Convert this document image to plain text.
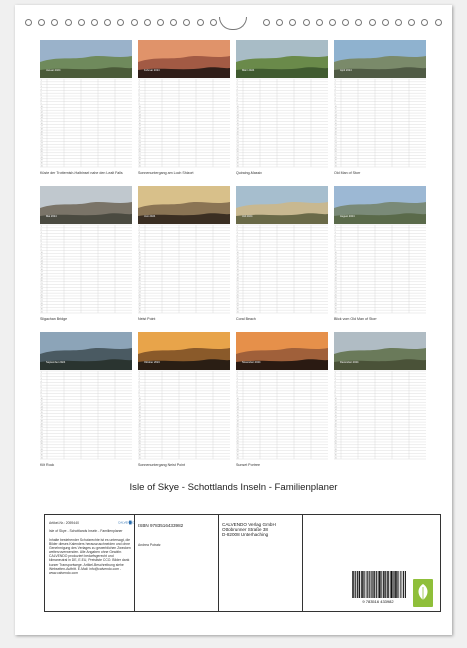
Januar 2024
1
2
3
4
5
6
7
8
9
10
11
12
13
14
15
16
17
18
19
20
21
22
23
24
25
26
27
28
29
30
31
Küste der Trotternish-Halbinsel nahe den Lealt Falls
Februar 2024
1
2
3
4
5
6
7
8
9
10
11
12
13
14
15
16
17
18
19
20
21
22
23
24
25
26
27
28
29
30
31
Sonnenuntergang am Loch Shizort
März 2024
1
2
3
4
5
6
7
8
9
10
11
12
13
14
15
16
17
18
19
20
21
22
23
24
25
26
27
28
29
30
31
Quiraing-Massiv
April 2024
1
2
3
4
5
6
7
8
9
10
11
12
13
14
15
16
17
18
19
20
21
22
23
24
25
26
27
28
29
30
31
Old Man of Storr
Mai 2024
1
2
3
4
5
6
7
8
9
10
11
12
13
14
15
16
17
18
19
20
21
22
23
24
25
26
27
28
29
30
31
Sligachan Bridge
Juni 2024
1
2
3
4
5
6
7
8
9
10
11
12
13
14
15
16
17
18
19
20
21
22
23
24
25
26
27
28
29
30
31
Neist Point
Juli 2024
1
2
3
4
5
6
7
8
9
10
11
12
13
14
15
16
17
18
19
20
21
22
23
24
25
26
27
28
29
30
31
Coral Beach
August 2024
1
2
3
4
5
6
7
8
9
10
11
12
13
14
15
16
17
18
19
20
21
22
23
24
25
26
27
28
29
30
31
Blick vom Old Man of Storr
September 2024
1
2
3
4
5
6
7
8
9
10
11
12
13
14
15
16
17
18
19
20
21
22
23
24
25
26
27
28
29
30
31
Kilt Rock
Oktober 2024
1
2
3
4
5
6
7
8
9
10
11
12
13
14
15
16
17
18
19
20
21
22
23
24
25
26
27
28
29
30
31
Sonnenuntergang Neist Point
November 2024
1
2
3
4
5
6
7
8
9
10
11
12
13
14
15
16
17
18
19
20
21
22
23
24
25
26
27
28
29
30
31
Sunset Portree
Dezember 2024
1
2
3
4
5
6
7
8
9
10
11
12
13
14
15
16
17
18
19
20
21
22
23
24
25
26
27
28
29
30
31
Isle of Skye - Schottlands Inseln - Familienplaner
Artikel-Nr.: 2059440	CALVENDO
Isle of Skye - Schottlands Inseln - Familienplaner
Inhalte bestehender Schutzrechte ist es untersagt, die Bilder dieses Kalenders herauszuschneiden und ohne Genehmigung des Verlages zu gewerblichen Zwecken weiterzuverwenden. Alle Angaben ohne Gewähr. CALVENDO produziert bedarfsgerecht und klimaneutral in DE, E.EU, Preisliste CCO. Bilder dank kurzer Transportwege. Artikel-Beschreibung siehe Webseiten-Auftritt. E-Mail: info@calvendo.com - www.calvendo.com
ISBN 9783516433982
Andrea Potratz
CALVENDO Verlag GmbH
Ottobrunner Straße 38
D-82008 Unterhaching
9 783516 433982
